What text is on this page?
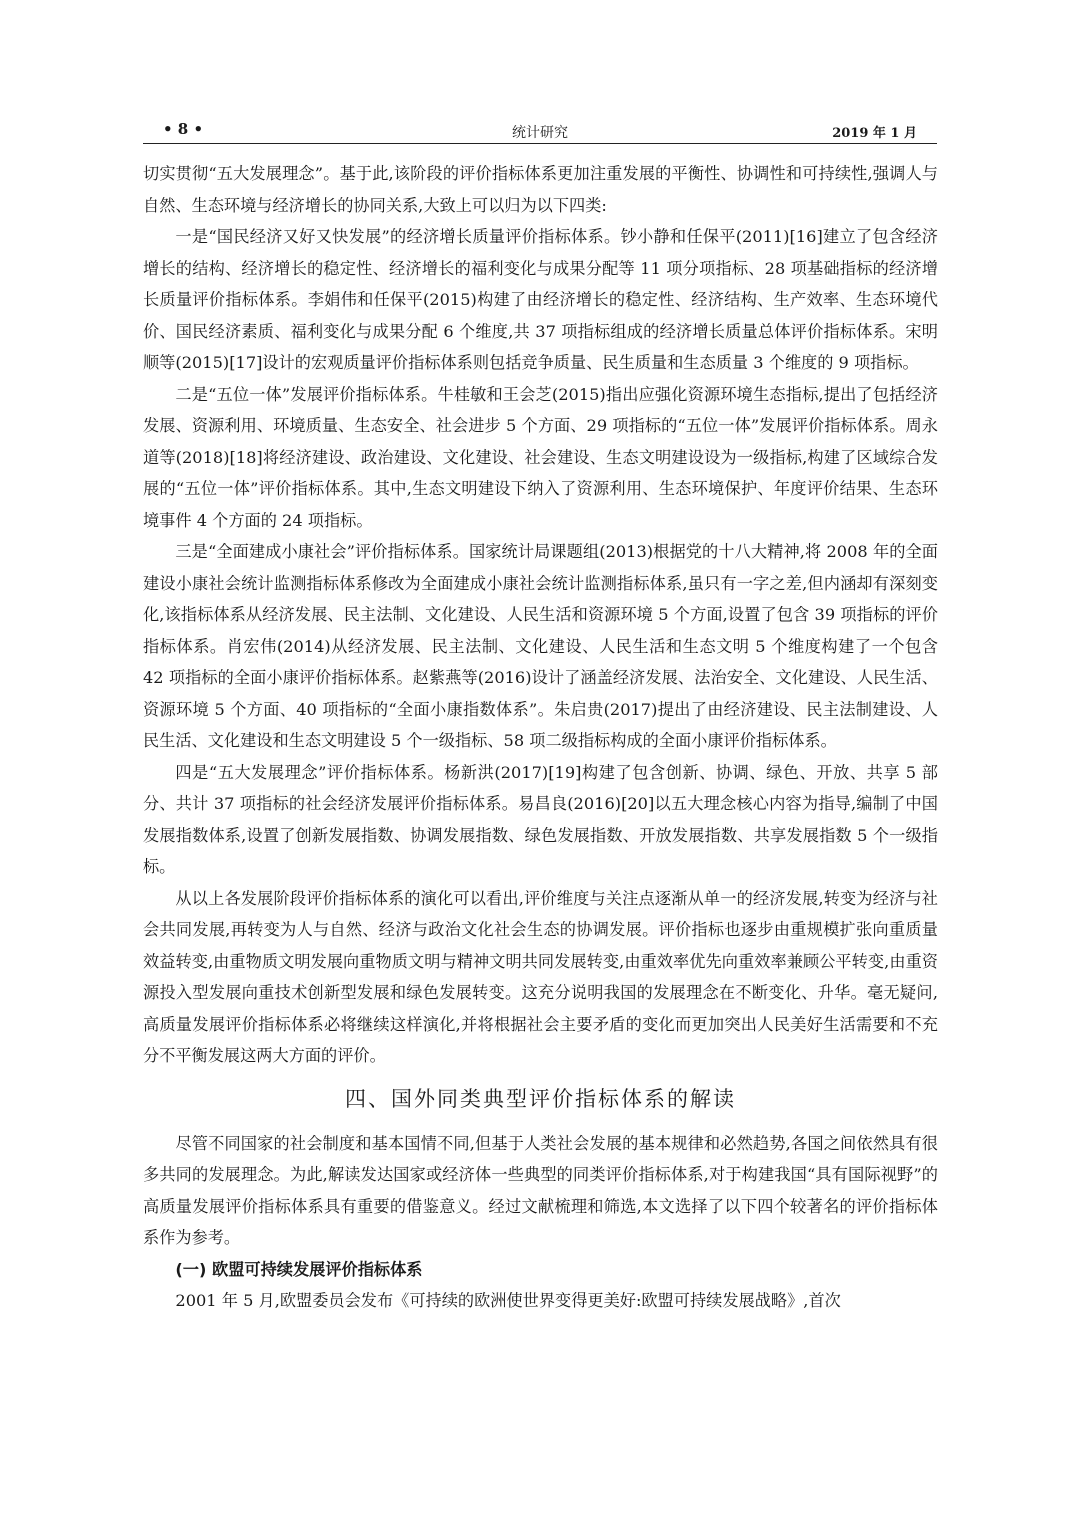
• 8 •	统计研究	2019 年 1 月

切实贯彻“五大发展理念”。基于此,该阶段的评价指标体系更加注重发展的平衡性、协调性和可持续性,强调人与自然、生态环境与经济增长的协同关系,大致上可以归为以下四类:

一是“国民经济又好又快发展”的经济增长质量评价指标体系。钞小静和任保平(2011)[16]建立了包含经济增长的结构、经济增长的稳定性、经济增长的福利变化与成果分配等 11 项分项指标、28 项基础指标的经济增长质量评价指标体系。李娟伟和任保平(2015)构建了由经济增长的稳定性、经济结构、生产效率、生态环境代价、国民经济素质、福利变化与成果分配 6 个维度,共 37 项指标组成的经济增长质量总体评价指标体系。宋明顺等(2015)[17]设计的宏观质量评价指标体系则包括竞争质量、民生质量和生态质量 3 个维度的 9 项指标。

二是“五位一体”发展评价指标体系。牛桂敏和王会芝(2015)指出应强化资源环境生态指标,提出了包括经济发展、资源利用、环境质量、生态安全、社会进步 5 个方面、29 项指标的“五位一体”发展评价指标体系。周永道等(2018)[18]将经济建设、政治建设、文化建设、社会建设、生态文明建设设为一级指标,构建了区域综合发展的“五位一体”评价指标体系。其中,生态文明建设下纳入了资源利用、生态环境保护、年度评价结果、生态环境事件 4 个方面的 24 项指标。

三是“全面建成小康社会”评价指标体系。国家统计局课题组(2013)根据党的十八大精神,将 2008 年的全面建设小康社会统计监测指标体系修改为全面建成小康社会统计监测指标体系,虽只有一字之差,但内涵却有深刻变化,该指标体系从经济发展、民主法制、文化建设、人民生活和资源环境 5 个方面,设置了包含 39 项指标的评价指标体系。肖宏伟(2014)从经济发展、民主法制、文化建设、人民生活和生态文明 5 个维度构建了一个包含 42 项指标的全面小康评价指标体系。赵紫燕等(2016)设计了涵盖经济发展、法治安全、文化建设、人民生活、资源环境 5 个方面、40 项指标的“全面小康指数体系”。朱启贵(2017)提出了由经济建设、民主法制建设、人民生活、文化建设和生态文明建设 5 个一级指标、58 项二级指标构成的全面小康评价指标体系。

四是“五大发展理念”评价指标体系。杨新洪(2017)[19]构建了包含创新、协调、绿色、开放、共享 5 部分、共计 37 项指标的社会经济发展评价指标体系。易昌良(2016)[20]以五大理念核心内容为指导,编制了中国发展指数体系,设置了创新发展指数、协调发展指数、绿色发展指数、开放发展指数、共享发展指数 5 个一级指标。

从以上各发展阶段评价指标体系的演化可以看出,评价维度与关注点逐渐从单一的经济发展,转变为经济与社会共同发展,再转变为人与自然、经济与政治文化社会生态的协调发展。评价指标也逐步由重规模扩张向重质量效益转变,由重物质文明发展向重物质文明与精神文明共同发展转变,由重效率优先向重效率兼顾公平转变,由重资源投入型发展向重技术创新型发展和绿色发展转变。这充分说明我国的发展理念在不断变化、升华。毫无疑问,高质量发展评价指标体系必将继续这样演化,并将根据社会主要矛盾的变化而更加突出人民美好生活需要和不充分不平衡发展这两大方面的评价。

四、国外同类典型评价指标体系的解读

尽管不同国家的社会制度和基本国情不同,但基于人类社会发展的基本规律和必然趋势,各国之间依然具有很多共同的发展理念。为此,解读发达国家或经济体一些典型的同类评价指标体系,对于构建我国“具有国际视野”的高质量发展评价指标体系具有重要的借鉴意义。经过文献梳理和筛选,本文选择了以下四个较著名的评价指标体系作为参考。

(一) 欧盟可持续发展评价指标体系

2001 年 5 月,欧盟委员会发布《可持续的欧洲使世界变得更美好:欧盟可持续发展战略》,首次
